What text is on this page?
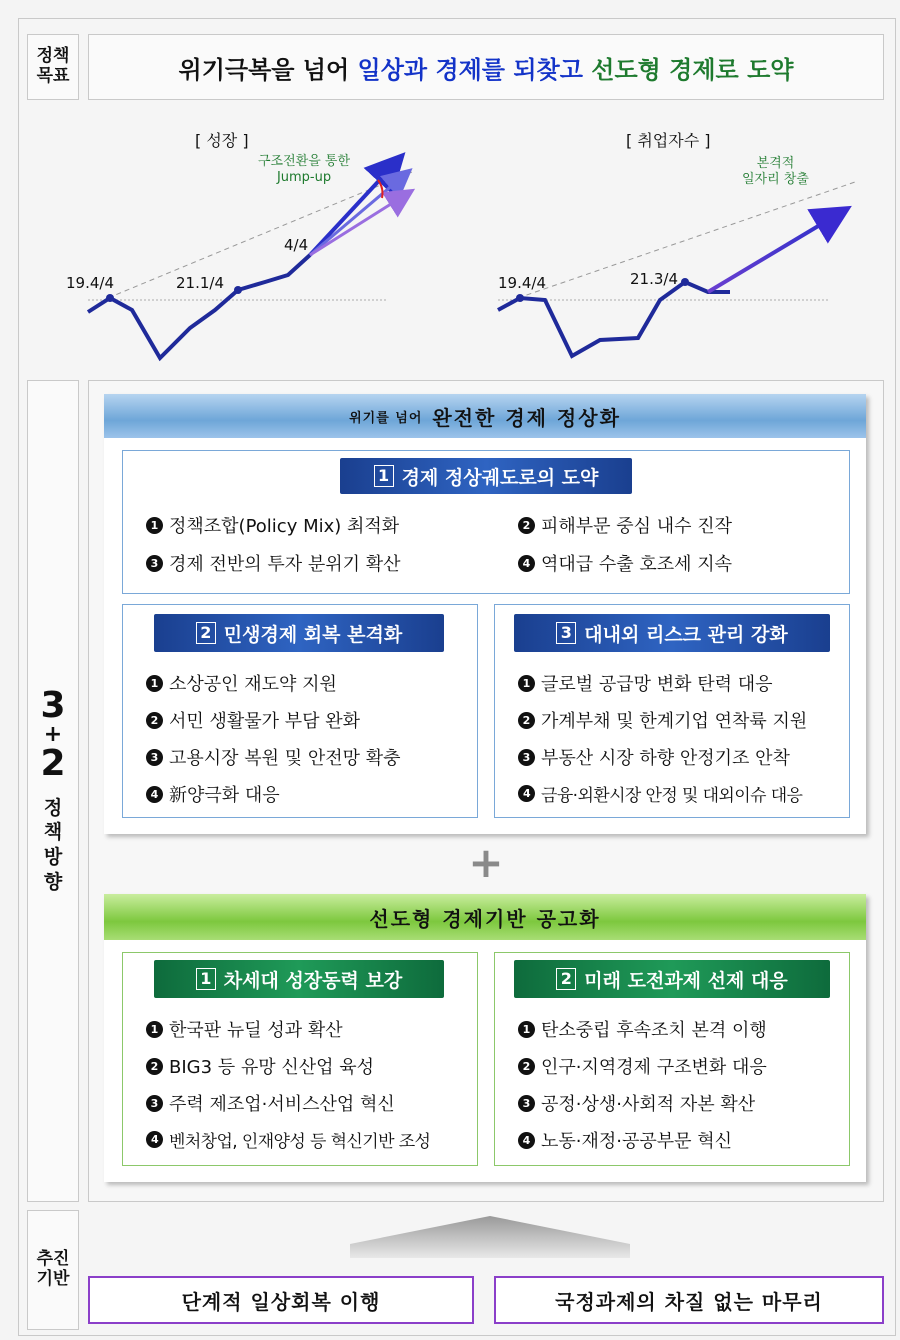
정책
목표	위기극복을 넘어 일상과 경제를 되찾고 선도형 경제로 도약
[ 성장 ]
19.4/4	21.1/4
4/4
구조전환을 통한
Jump-up
[ 취업자수 ]
19.4/4	21.3/4
본격적
일자리 창출
3
+
2
정
책
방
향
위기를 넘어 완전한 경제 정상화
1 경제 정상궤도로의 도약
1 정책조합(Policy Mix) 최적화	2 피해부문 중심 내수 진작
3 경제 전반의 투자 분위기 확산	4 역대급 수출 호조세 지속
2 민생경제 회복 본격화
1 소상공인 재도약 지원
2 서민 생활물가 부담 완화
3 고용시장 복원 및 안전망 확충
4 新양극화 대응
3 대내외 리스크 관리 강화
1 글로벌 공급망 변화 탄력 대응
2 가계부채 및 한계기업 연착륙 지원
3 부동산 시장 하향 안정기조 안착
4 금융·외환시장 안정 및 대외이슈 대응
+
선도형 경제기반 공고화
1 차세대 성장동력 보강
1 한국판 뉴딜 성과 확산
2 BIG3 등 유망 신산업 육성
3 주력 제조업·서비스산업 혁신
4 벤처창업, 인재양성 등 혁신기반 조성
2 미래 도전과제 선제 대응
1 탄소중립 후속조치 본격 이행
2 인구·지역경제 구조변화 대응
3 공정·상생·사회적 자본 확산
4 노동·재정·공공부문 혁신
추진
기반
단계적 일상회복 이행	국정과제의 차질 없는 마무리
